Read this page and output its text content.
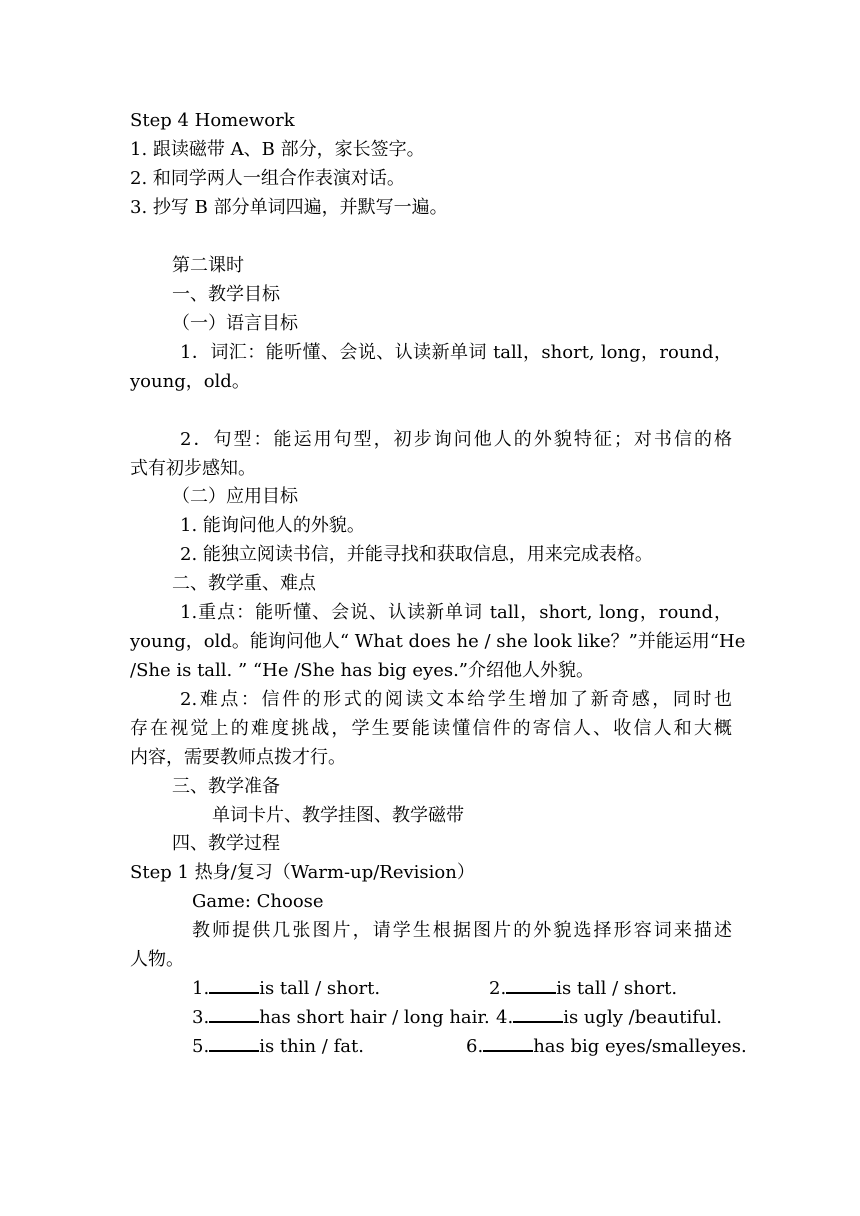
Step 4 Homework
1. 跟读磁带 A、B 部分，家长签字。
2. 和同学两人一组合作表演对话。
3. 抄写 B 部分单词四遍，并默写一遍。
第二课时
一、教学目标
（一）语言目标
1．词汇：能听懂、会说、认读新单词 tall，short, long，round，
young，old。
2．句型：能运用句型，初步询问他人的外貌特征；对书信的格
式有初步感知。
（二）应用目标
1. 能询问他人的外貌。
2. 能独立阅读书信，并能寻找和获取信息，用来完成表格。
二、教学重、难点
1.重点：能听懂、会说、认读新单词 tall，short, long，round，
young，old。能询问他人“ What does he / she look like？”并能运用“He
/She is tall. ” “He /She has big eyes.”介绍他人外貌。
2.难点：信件的形式的阅读文本给学生增加了新奇感，同时也
存在视觉上的难度挑战，学生要能读懂信件的寄信人、收信人和大概
内容，需要教师点拨才行。
三、教学准备
单词卡片、教学挂图、教学磁带
四、教学过程
Step 1 热身/复习（Warm-up/Revision）
Game: Choose
教师提供几张图片，请学生根据图片的外貌选择形容词来描述
人物。
1.	is tall / short.	2.	is tall / short.
3.	has short hair / long hair. 4.	is ugly /beautiful.
5.	is thin / fat.	6.	has big eyes/smalleyes.
